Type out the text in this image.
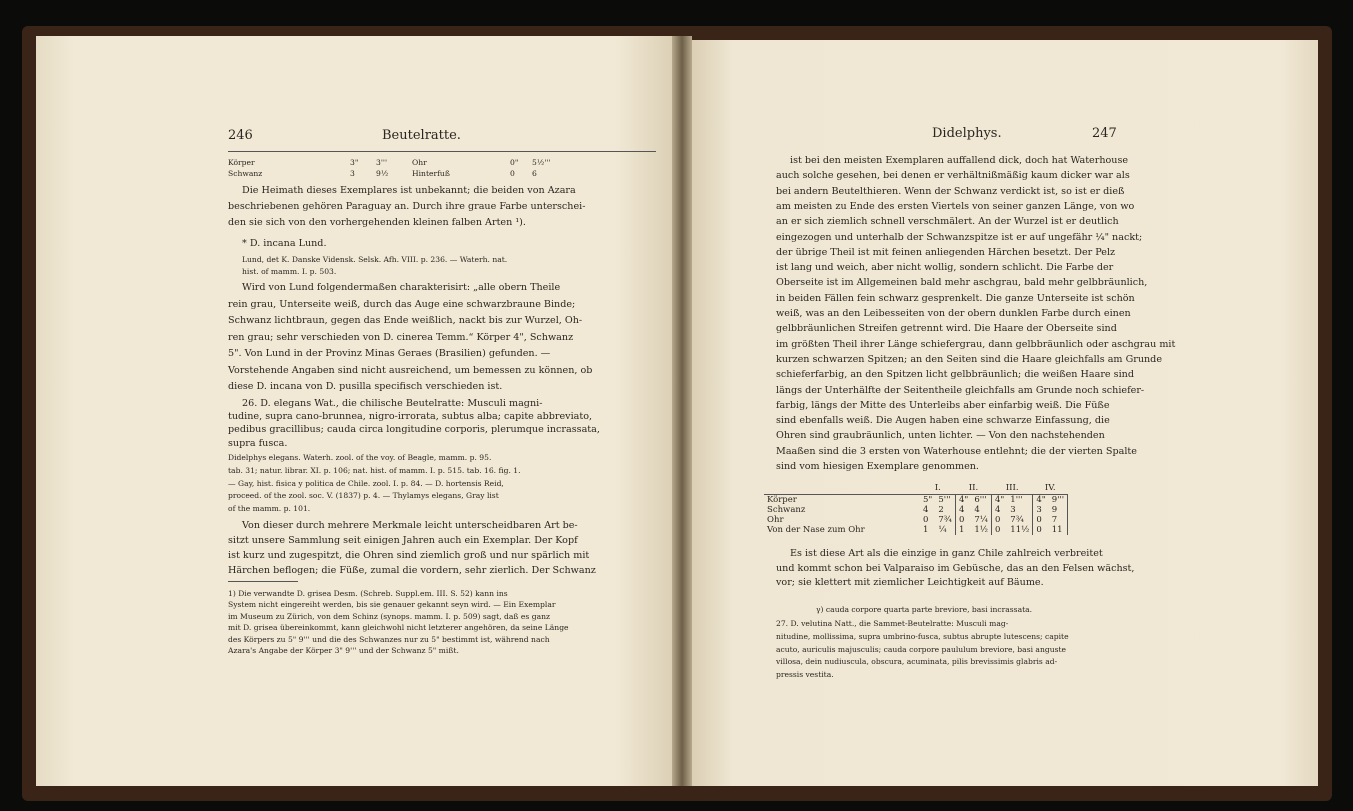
246	Beutelratte.
Körper	3" 3'''	Ohr	0" 5½'''
Schwanz	3	9½	Hinterfuß	0 6
Die Heimath dieses Exemplares ist unbekannt; die beiden von Azara
beschriebenen gehören Paraguay an. Durch ihre graue Farbe unterschei-
den sie sich von den vorhergehenden kleinen falben Arten ¹).
* D. incana Lund.
Lund, det K. Danske Vidensk. Selsk. Afh. VIII. p. 236. — Waterh. nat.
hist. of mamm. I. p. 503.
Wird von Lund folgendermaßen charakterisirt: „alle obern Theile
rein grau, Unterseite weiß, durch das Auge eine schwarzbraune Binde;
Schwanz lichtbraun, gegen das Ende weißlich, nackt bis zur Wurzel, Oh-
ren grau; sehr verschieden von D. cinerea Temm.“ Körper 4", Schwanz
5". Von Lund in der Provinz Minas Geraes (Brasilien) gefunden. —
Vorstehende Angaben sind nicht ausreichend, um bemessen zu können, ob
diese D. incana von D. pusilla specifisch verschieden ist.
26. D. elegans Wat., die chilische Beutelratte: Musculi magni-
tudine, supra cano-brunnea, nigro-irrorata, subtus alba; capite abbreviato,
pedibus gracillibus; cauda circa longitudine corporis, plerumque incrassata,
supra fusca.
Didelphys elegans. Waterh. zool. of the voy. of Beagle, mamm. p. 95.
tab. 31; natur. librar. XI. p. 106; nat. hist. of mamm. I. p. 515. tab. 16. fig. 1.
— Gay, hist. fisica y politica de Chile. zool. I. p. 84. — D. hortensis Reid,
proceed. of the zool. soc. V. (1837) p. 4. — Thylamys elegans, Gray list
of the mamm. p. 101.
Von dieser durch mehrere Merkmale leicht unterscheidbaren Art be-
sitzt unsere Sammlung seit einigen Jahren auch ein Exemplar. Der Kopf
ist kurz und zugespitzt, die Ohren sind ziemlich groß und nur spärlich mit
Härchen beflogen; die Füße, zumal die vordern, sehr zierlich. Der Schwanz
1) Die verwandte D. grisea Desm. (Schreb. Suppl.em. III. S. 52) kann ins
System nicht eingereiht werden, bis sie genauer gekannt seyn wird. — Ein Exemplar
im Museum zu Zürich, von dem Schinz (synops. mamm. I. p. 509) sagt, daß es ganz
mit D. grisea übereinkommt, kann gleichwohl nicht letzterer angehören, da seine Länge
des Körpers zu 5" 9''' und die des Schwanzes nur zu 5" bestimmt ist, während nach
Azara's Angabe der Körper 3" 9''' und der Schwanz 5" mißt.
Didelphys.	247
ist bei den meisten Exemplaren auffallend dick, doch hat Waterhouse
auch solche gesehen, bei denen er verhältnißmäßig kaum dicker war als
bei andern Beutelthieren. Wenn der Schwanz verdickt ist, so ist er dieß
am meisten zu Ende des ersten Viertels von seiner ganzen Länge, von wo
an er sich ziemlich schnell verschmälert. An der Wurzel ist er deutlich
eingezogen und unterhalb der Schwanzspitze ist er auf ungefähr ¼" nackt;
der übrige Theil ist mit feinen anliegenden Härchen besetzt. Der Pelz
ist lang und weich, aber nicht wollig, sondern schlicht. Die Farbe der
Oberseite ist im Allgemeinen bald mehr aschgrau, bald mehr gelbbräunlich,
in beiden Fällen fein schwarz gesprenkelt. Die ganze Unterseite ist schön
weiß, was an den Leibesseiten von der obern dunklen Farbe durch einen
gelbbräunlichen Streifen getrennt wird. Die Haare der Oberseite sind
im größten Theil ihrer Länge schiefergrau, dann gelbbräunlich oder aschgrau mit
kurzen schwarzen Spitzen; an den Seiten sind die Haare gleichfalls am Grunde
schieferfarbig, an den Spitzen licht gelbbräunlich; die weißen Haare sind
längs der Unterhälfte der Seitentheile gleichfalls am Grunde noch schiefer-
farbig, längs der Mitte des Unterleibs aber einfarbig weiß. Die Füße
sind ebenfalls weiß. Die Augen haben eine schwarze Einfassung, die
Ohren sind graubräunlich, unten lichter. — Von den nachstehenden
Maaßen sind die 3 ersten von Waterhouse entlehnt; die der vierten Spalte
sind vom hiesigen Exemplare genommen.
	I.		II.		III.		IV.	
Körper	5"	5'''	4"	6'''	4"	1'''	4"	9'''
Schwanz	4	2	4	4	4	3	3	9
Ohr	0	7¾	0	7¼	0	7¾	0	7
Von der Nase zum Ohr	1	¼	1	1½	0	11½	0	11
Es ist diese Art als die einzige in ganz Chile zahlreich verbreitet
und kommt schon bei Valparaiso im Gebüsche, das an den Felsen wächst,
vor; sie klettert mit ziemlicher Leichtigkeit auf Bäume.
γ) cauda corpore quarta parte breviore, basi incrassata.
27. D. velutina Natt., die Sammet-Beutelratte: Musculi mag-
nitudine, mollissima, supra umbrino-fusca, subtus abrupte lutescens; capite
acuto, auriculis majusculis; cauda corpore paululum breviore, basi anguste
villosa, dein nudiuscula, obscura, acuminata, pilis brevissimis glabris ad-
pressis vestita.
